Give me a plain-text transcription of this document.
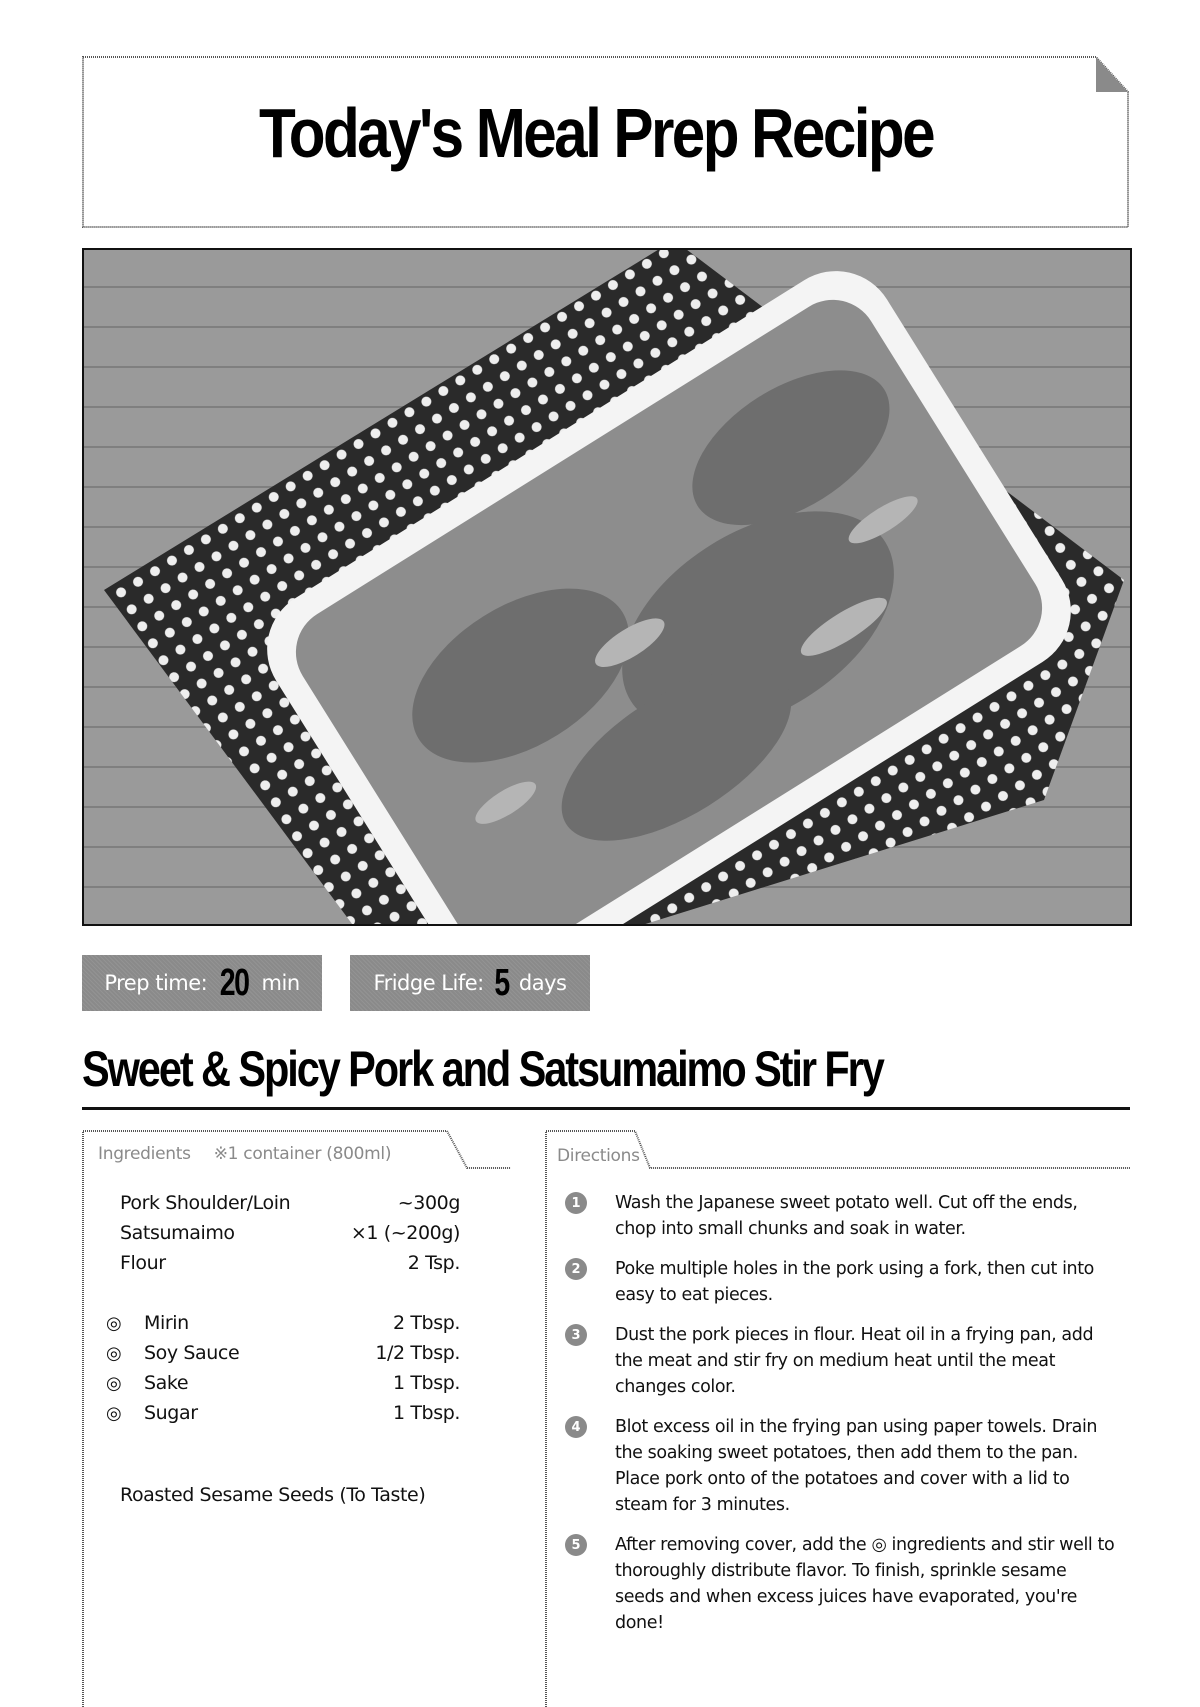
Today's Meal Prep Recipe
Prep time: 20 min	Fridge Life: 5 days
Sweet & Spicy Pork and Satsumaimo Stir Fry
Ingredients ※1 container (800ml)
Pork Shoulder/Loin	~300g
Satsumaimo	×1 (~200g)
Flour	2 Tsp.
◎	Mirin	2 Tbsp.
◎	Soy Sauce	1/2 Tbsp.
◎	Sake	1 Tbsp.
◎	Sugar	1 Tbsp.
Roasted Sesame Seeds (To Taste)
Directions
1	Wash the Japanese sweet potato well. Cut off the ends, chop into small chunks and soak in water.
2	Poke multiple holes in the pork using a fork, then cut into easy to eat pieces.
3	Dust the pork pieces in flour. Heat oil in a frying pan, add the meat and stir fry on medium heat until the meat changes color.
4	Blot excess oil in the frying pan using paper towels. Drain the soaking sweet potatoes, then add them to the pan. Place pork onto of the potatoes and cover with a lid to steam for 3 minutes.
5	After removing cover, add the ◎ ingredients and stir well to thoroughly distribute flavor. To finish, sprinkle sesame seeds and when excess juices have evaporated, you're done!
